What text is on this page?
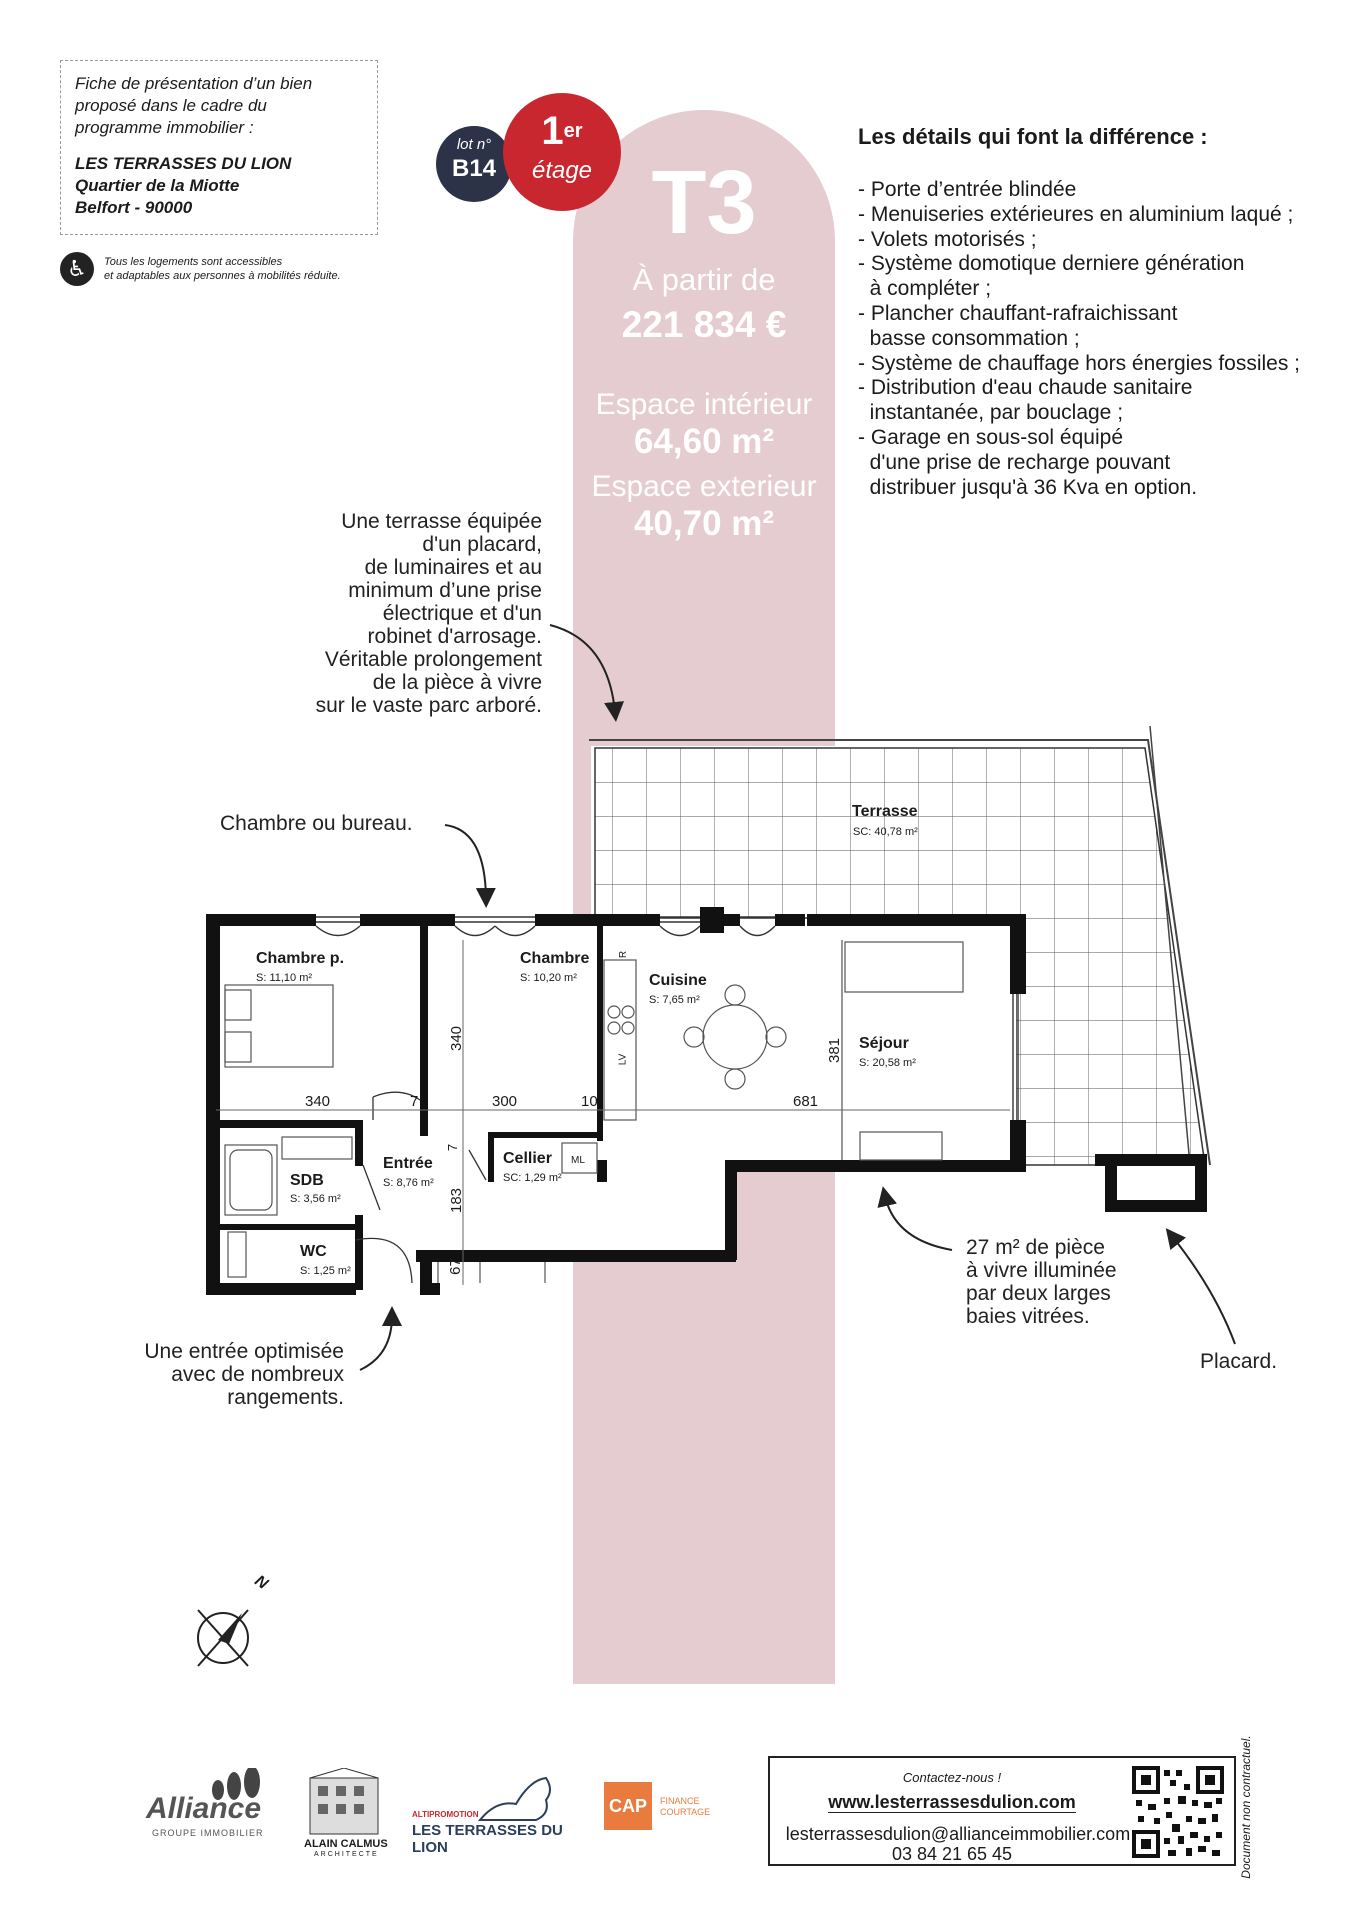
Fiche de présentation d’un bien
proposé dans le cadre du
programme immobilier :
LES TERRASSES DU LION
Quartier de la Miotte
Belfort - 90000
♿	Tous les logements sont accessibles
et adaptables aux personnes à mobilités réduite.
lot n°
B14
1er
étage T3
À partir de
221 834 €
Espace intérieur
64,60 m²
Espace exterieur
40,70 m²
Les détails qui font la différence :
- Porte d’entrée blindée
- Menuiseries extérieures en aluminium laqué ;
- Volets motorisés ;
- Système domotique derniere génération
à compléter ;
- Plancher chauffant-rafraichissant
basse consommation ;
- Système de chauffage hors énergies fossiles ;
- Distribution d'eau chaude sanitaire
instantanée, par bouclage ;
- Garage en sous-sol équipé
d'une prise de recharge pouvant
distribuer jusqu'à 36 Kva en option.
Une terrasse équipée
d'un placard,
de luminaires et au
minimum d’une prise
électrique et d'un
robinet d'arrosage.
Véritable prolongement
de la pièce à vivre
sur le vaste parc arboré.
Chambre ou bureau.
27 m² de pièce
à vivre illuminée
par deux larges
baies vitrées.
Une entrée optimisée
avec de nombreux
rangements.
Placard.
Terrasse
SC: 40,78 m²
Chambre p.
S: 11,10 m²
Chambre
S: 10,20 m²	Cuisine
S: 7,65 m²
Séjour
S: 20,58 m²
SDB
S: 3,56 m²
Entrée
S: 8,76 m²
Cellier
SC: 1,29 m²
ML
WC
S: 1,25 m²
R
LV
340	7	300	10	681
340	381
7
183
67
N
Alliance
GROUPE IMMOBILIER
ALAIN CALMUS
ARCHITECTE
ALTIPROMOTION
LES TERRASSES DU LION
CAP	FINANCE
COURTAGE
Contactez-nous !
www.lesterrassesdulion.com
lesterrassesdulion@allianceimmobilier.com
03 84 21 65 45	Document non contractuel.
